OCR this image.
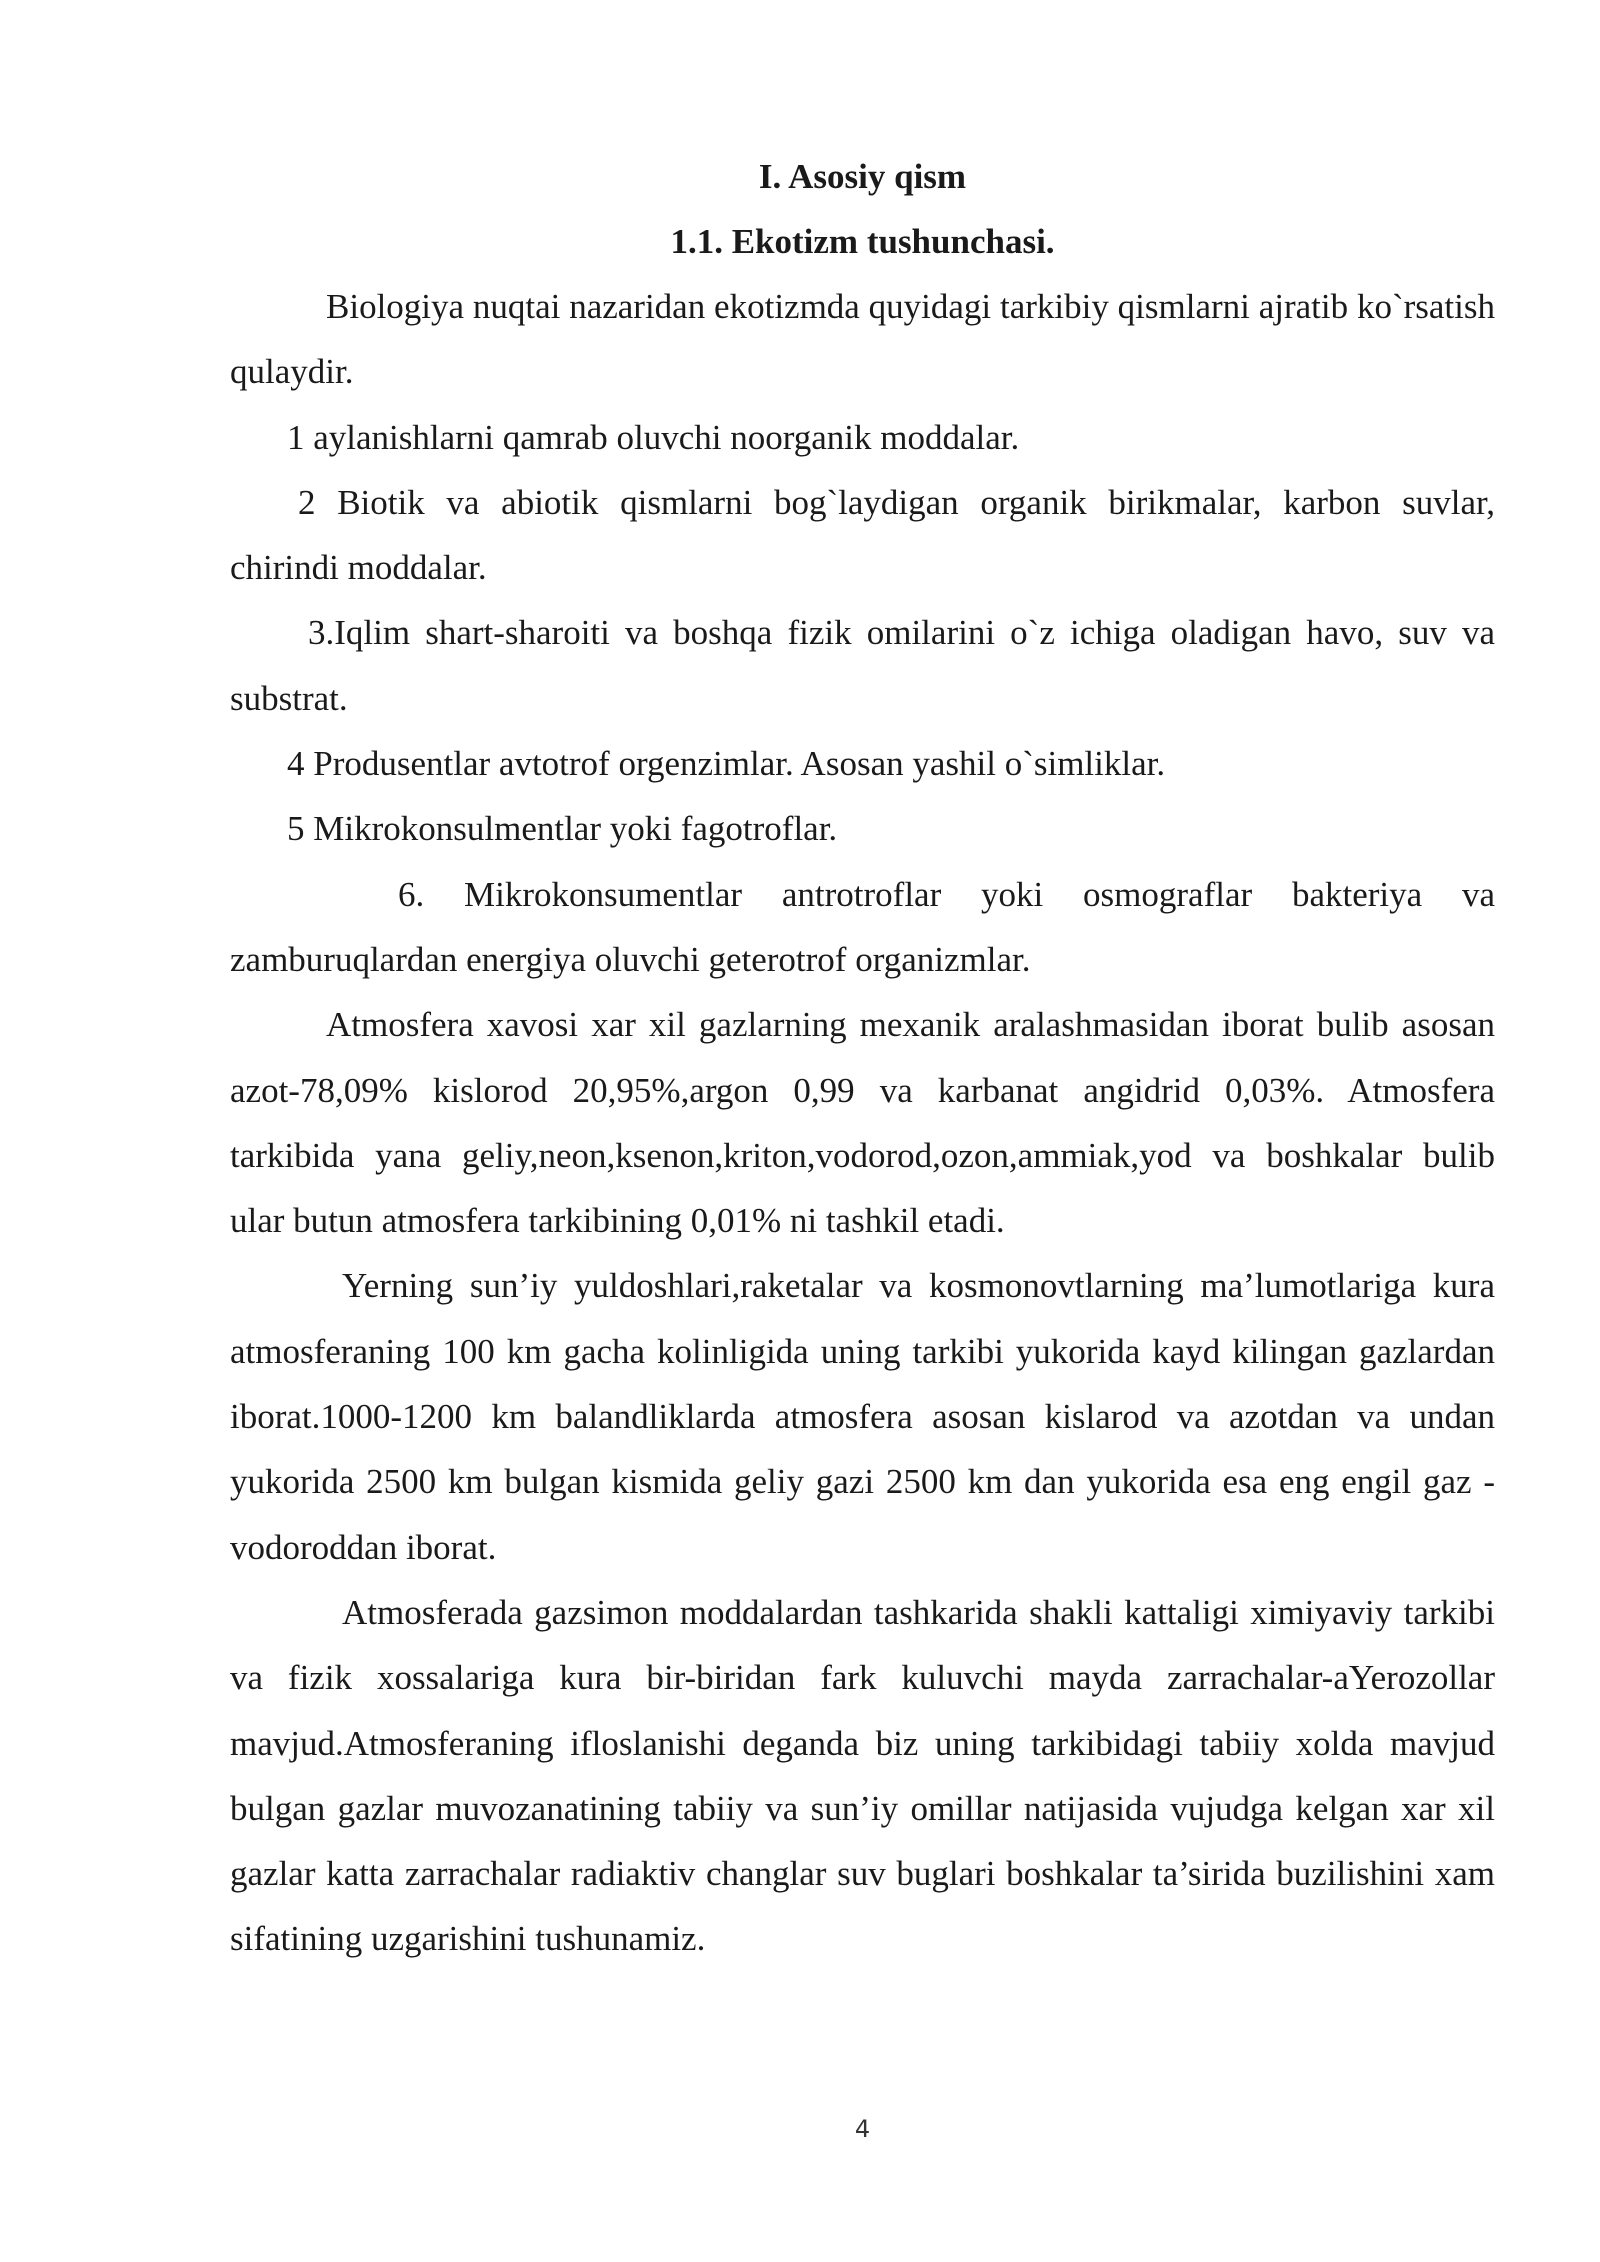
I. Asosiy qism
1.1. Ekotizm tushunchasi.

Biologiya nuqtai nazaridan ekotizmda quyidagi tarkibiy qismlarni ajratib ko`rsatish qulaydir.

1 aylanishlarni qamrab oluvchi noorganik moddalar.

2 Biotik va abiotik qismlarni bog`laydigan organik birikmalar, karbon suvlar, chirindi moddalar.

3.Iqlim shart-sharoiti va boshqa fizik omilarini o`z ichiga oladigan havo, suv va substrat.

4 Produsentlar avtotrof orgenzimlar. Asosan yashil o`simliklar.

5 Mikrokonsulmentlar yoki fagotroflar.

6. Mikrokonsumentlar antrotroflar yoki osmograflar bakteriya va zamburuqlardan energiya oluvchi geterotrof organizmlar.

Atmosfera xavosi xar xil gazlarning mexanik aralashmasidan iborat bulib asosan azot-78,09% kislorod 20,95%,argon 0,99 va karbanat angidrid 0,03%. Atmosfera tarkibida yana geliy,neon,ksenon,kriton,vodorod,ozon,ammiak,yod va boshkalar bulib ular butun atmosfera tarkibining 0,01% ni tashkil etadi.

Yerning sun’iy yuldoshlari,raketalar va kosmonovtlarning ma’lumotlariga kura atmosferaning 100 km gacha kolinligida uning tarkibi yukorida kayd kilingan gazlardan iborat.1000-1200 km balandliklarda atmosfera asosan kislarod va azotdan va undan yukorida 2500 km bulgan kismida geliy gazi 2500 km dan yukorida esa eng engil gaz -vodoroddan iborat.

Atmosferada gazsimon moddalardan tashkarida shakli kattaligi ximiyaviy tarkibi va fizik xossalariga kura bir-biridan fark kuluvchi mayda zarrachalar-aYerozollar mavjud.Atmosferaning ifloslanishi deganda biz uning tarkibidagi tabiiy xolda mavjud bulgan gazlar muvozanatining tabiiy va sun’iy omillar natijasida vujudga kelgan xar xil gazlar katta zarrachalar radiaktiv changlar suv buglari boshkalar ta’sirida buzilishini xam sifatining uzgarishini tushunamiz.

4
